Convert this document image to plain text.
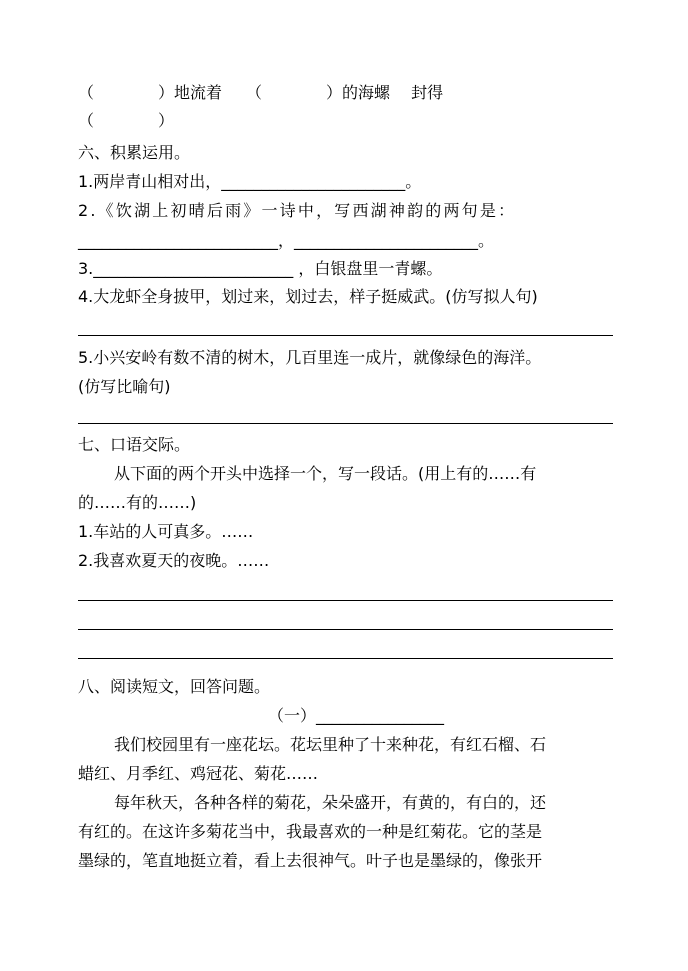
（　　　　）地流着　　（　　　　）的海螺　 封得
（　　　　）
六、积累运用。
1.两岸青山相对出，_______________________。
2.《饮湖上初晴后雨》一诗中，写西湖神韵的两句是：
_________________________，_______________________。
3._________________________ ，白银盘里一青螺。
4.大龙虾全身披甲，划过来，划过去，样子挺威武。(仿写拟人句)
5.小兴安岭有数不清的树木，几百里连一成片，就像绿色的海洋。
(仿写比喻句)
七、口语交际。
从下面的两个开头中选择一个，写一段话。(用上有的……有
的……有的……)
1.车站的人可真多。……
2.我喜欢夏天的夜晚。……
八、阅读短文，回答问题。
（一）________________
我们校园里有一座花坛。花坛里种了十来种花，有红石榴、石
蜡红、月季红、鸡冠花、菊花……
每年秋天，各种各样的菊花，朵朵盛开，有黄的，有白的，还
有红的。在这许多菊花当中，我最喜欢的一种是红菊花。它的茎是
墨绿的，笔直地挺立着，看上去很神气。叶子也是墨绿的，像张开
